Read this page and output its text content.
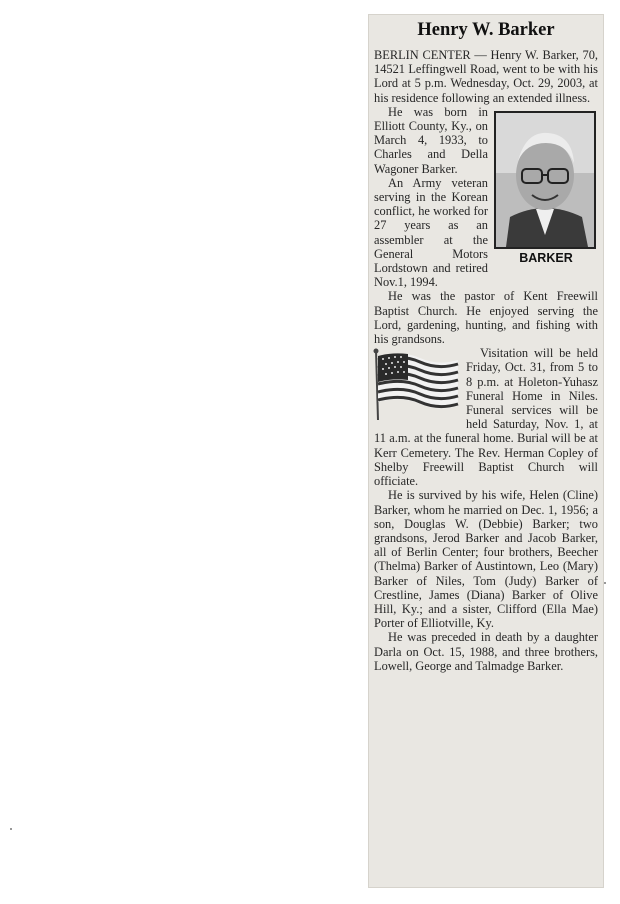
Henry W. Barker

BERLIN CENTER — Henry W. Barker, 70, 14521 Leffingwell Road, went to be with his Lord at 5 p.m. Wednesday, Oct. 29, 2003, at his residence following an extended illness.

BARKER

He was born in Elliott County, Ky., on March 4, 1933, to Charles and Della Wagoner Barker.

An Army veteran serving in the Korean conflict, he worked for 27 years as an assembler at the General Motors Lordstown and retired Nov.1, 1994.

He was the pastor of Kent Freewill Baptist Church. He enjoyed serving the Lord, gardening, hunting, and fishing with his grandsons.

Visitation will be held Friday, Oct. 31, from 5 to 8 p.m. at Holeton-Yuhasz Funeral Home in Niles. Funeral services will be held Saturday, Nov. 1, at 11 a.m. at the funeral home. Burial will be at Kerr Cemetery. The Rev. Herman Copley of Shelby Freewill Baptist Church will officiate.

He is survived by his wife, Helen (Cline) Barker, whom he married on Dec. 1, 1956; a son, Douglas W. (Debbie) Barker; two grandsons, Jerod Barker and Jacob Barker, all of Berlin Center; four brothers, Beecher (Thelma) Barker of Austintown, Leo (Mary) Barker of Niles, Tom (Judy) Barker of Crestline, James (Diana) Barker of Olive Hill, Ky.; and a sister, Clifford (Ella Mae) Porter of Elliotville, Ky.

He was preceded in death by a daughter Darla on Oct. 15, 1988, and three brothers, Lowell, George and Talmadge Barker.
